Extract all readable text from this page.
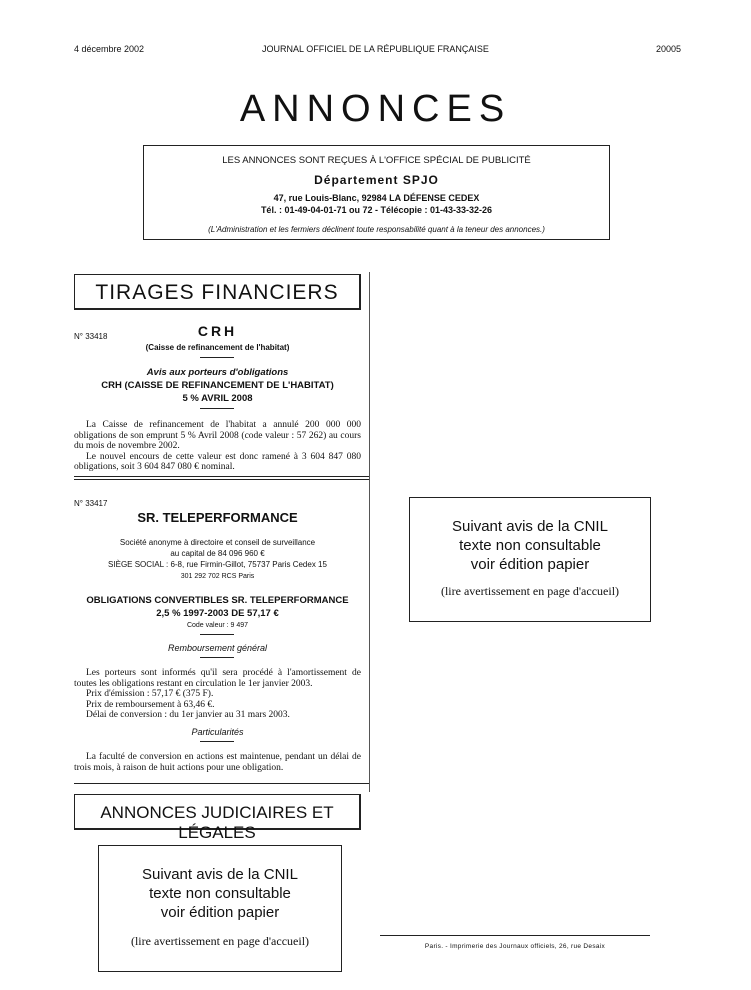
4 décembre 2002	JOURNAL OFFICIEL DE LA RÉPUBLIQUE FRANÇAISE	20005
ANNONCES
LES ANNONCES SONT REÇUES À L'OFFICE SPÉCIAL DE PUBLICITÉ
Département SPJO
47, rue Louis-Blanc, 92984 LA DÉFENSE CEDEX
Tél. : 01-49-04-01-71 ou 72 - Télécopie : 01-43-33-32-26
(L'Administration et les fermiers déclinent toute responsabilité quant à la teneur des annonces.)
TIRAGES FINANCIERS
N° 33418	CRH
(Caisse de refinancement de l'habitat)
Avis aux porteurs d'obligations
CRH (CAISSE DE REFINANCEMENT DE L'HABITAT)
5 % AVRIL 2008

La Caisse de refinancement de l'habitat a annulé 200 000 000 obligations de son emprunt 5 % Avril 2008 (code valeur : 57 262) au cours du mois de novembre 2002.

Le nouvel encours de cette valeur est donc ramené à 3 604 847 080 obligations, soit 3 604 847 080 € nominal.

N° 33417
SR. TELEPERFORMANCE
Société anonyme à directoire et conseil de surveillance
au capital de 84 096 960 €
SIÈGE SOCIAL : 6-8, rue Firmin-Gillot, 75737 Paris Cedex 15
301 292 702 RCS Paris
OBLIGATIONS CONVERTIBLES SR. TELEPERFORMANCE
2,5 % 1997-2003 DE 57,17 €
Code valeur : 9 497
Remboursement général

Les porteurs sont informés qu'il sera procédé à l'amortissement de toutes les obligations restant en circulation le 1er janvier 2003.

Prix d'émission : 57,17 € (375 F).

Prix de remboursement à 63,46 €.

Délai de conversion : du 1er janvier au 31 mars 2003.

Particularités

La faculté de conversion en actions est maintenue, pendant un délai de trois mois, à raison de huit actions pour une obligation.

ANNONCES JUDICIAIRES ET LÉGALES
Suivant avis de la CNIL
texte non consultable
voir édition papier
(lire avertissement en page d'accueil)
Suivant avis de la CNIL
texte non consultable
voir édition papier
(lire avertissement en page d'accueil)	Paris. - Imprimerie des Journaux officiels, 26, rue Desaix
